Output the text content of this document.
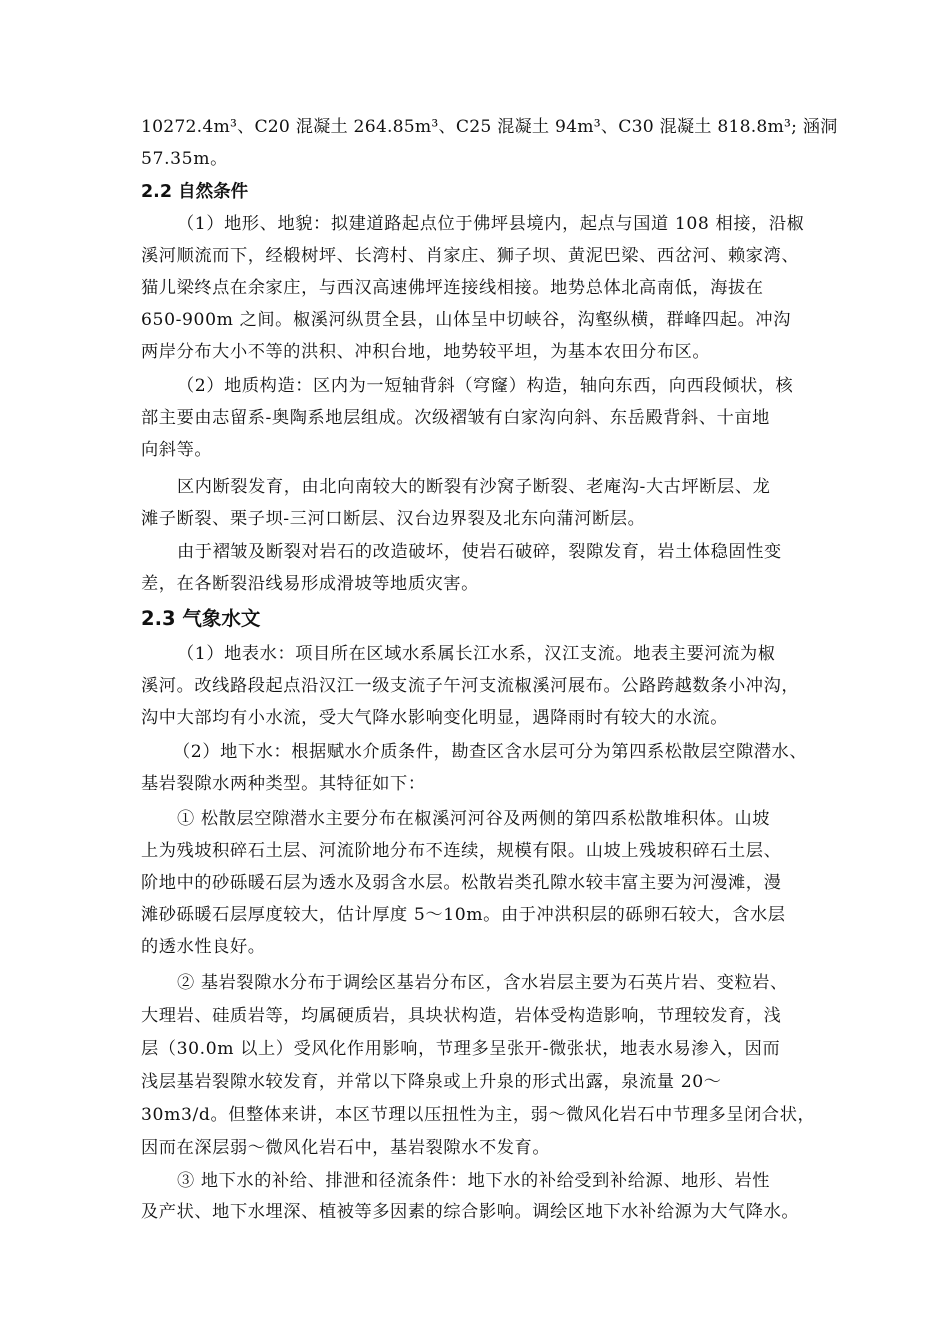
10272.4m³、C20 混凝土 264.85m³、C25 混凝土 94m³、C30 混凝土 818.8m³; 涵洞
57.35m。
2.2 自然条件
（1）地形、地貌：拟建道路起点位于佛坪县境内，起点与国道 108 相接，沿椒
溪河顺流而下，经椴树坪、长湾村、肖家庄、狮子坝、黄泥巴梁、西岔河、赖家湾、
猫儿梁终点在余家庄，与西汉高速佛坪连接线相接。地势总体北高南低，海拔在
650-900m 之间。椒溪河纵贯全县，山体呈中切峡谷，沟壑纵横，群峰四起。冲沟
两岸分布大小不等的洪积、冲积台地，地势较平坦，为基本农田分布区。
（2）地质构造：区内为一短轴背斜（穹窿）构造，轴向东西，向西段倾状，核
部主要由志留系-奥陶系地层组成。次级褶皱有白家沟向斜、东岳殿背斜、十亩地
向斜等。
区内断裂发育，由北向南较大的断裂有沙窝子断裂、老庵沟-大古坪断层、龙
滩子断裂、栗子坝-三河口断层、汉台边界裂及北东向蒲河断层。
由于褶皱及断裂对岩石的改造破坏，使岩石破碎，裂隙发育，岩土体稳固性变
差，在各断裂沿线易形成滑坡等地质灾害。
2.3 气象水文
（1）地表水：项目所在区域水系属长江水系，汉江支流。地表主要河流为椒
溪河。改线路段起点沿汉江一级支流子午河支流椒溪河展布。公路跨越数条小冲沟，
沟中大部均有小水流，受大气降水影响变化明显，遇降雨时有较大的水流。
（2）地下水：根据赋水介质条件，勘查区含水层可分为第四系松散层空隙潜水、
基岩裂隙水两种类型。其特征如下：
① 松散层空隙潜水主要分布在椒溪河河谷及两侧的第四系松散堆积体。山坡
上为残坡积碎石土层、河流阶地分布不连续，规模有限。山坡上残坡积碎石土层、
阶地中的砂砾暖石层为透水及弱含水层。松散岩类孔隙水较丰富主要为河漫滩，漫
滩砂砾暖石层厚度较大，估计厚度 5～10m。由于冲洪积层的砾卵石较大，含水层
的透水性良好。
② 基岩裂隙水分布于调绘区基岩分布区，含水岩层主要为石英片岩、变粒岩、
大理岩、硅质岩等，均属硬质岩，具块状构造，岩体受构造影响，节理较发育，浅
层（30.0m 以上）受风化作用影响，节理多呈张开-微张状，地表水易渗入，因而
浅层基岩裂隙水较发育，并常以下降泉或上升泉的形式出露，泉流量 20～
30m3/d。但整体来讲，本区节理以压扭性为主，弱～微风化岩石中节理多呈闭合状，
因而在深层弱～微风化岩石中，基岩裂隙水不发育。
③ 地下水的补给、排泄和径流条件：地下水的补给受到补给源、地形、岩性
及产状、地下水埋深、植被等多因素的综合影响。调绘区地下水补给源为大气降水。
